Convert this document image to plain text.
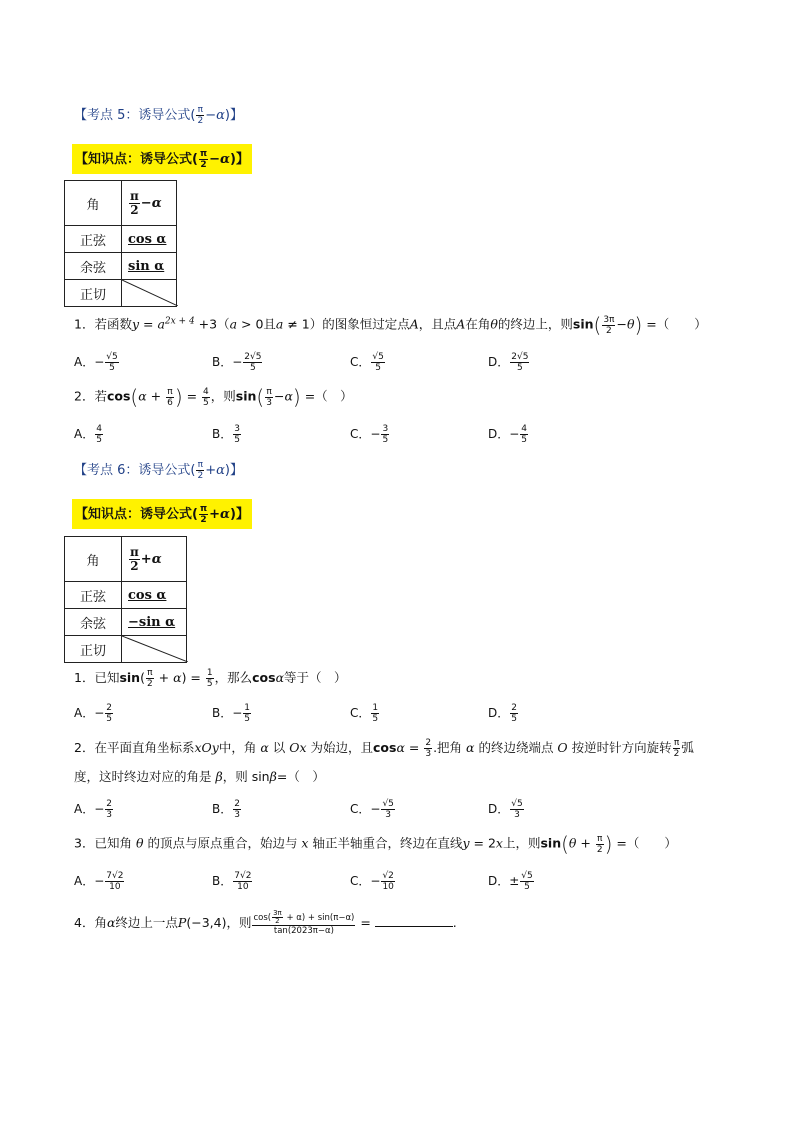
【考点 5：诱导公式( $\frac{\pi}{2} -\alpha$)】
【知识点：诱导公式( $\frac{\pi}{2} -\alpha$)】
角	$\frac{\pi}{2} -\alpha$
正弦	cos α
余弦	sin α
正切	
1．若函数$y = a^{2x + 4} +3(a > 0$且a ≠ 1）的图象恒过定点A，且点A在角θ的终边上，则$\sin( \frac{3\pi}{2} -\theta)$ =（　　）
A．− $\frac{√5}{5}$	B．− $\frac{2√5}{5}$	C． $\frac{√5}{5}$	D． $\frac{2√5}{5}$
2．若$\cos(\alpha + \frac{\pi}{6}$ ) = $\frac{4}{5}$ ，则$\sin( \frac{\pi}{3} -\alpha)$ =（　）
A． $\frac{4}{5}$	B． $\frac{3}{5}$	C．− $\frac{3}{5}$	D．− $\frac{4}{5}$
【考点 6：诱导公式( $\frac{\pi}{2} +\alpha$)】
【知识点：诱导公式( $\frac{\pi}{2} +\alpha$)】
角	$\frac{\pi}{2} +\alpha$
正弦	cos α
余弦	−sin α
正切	
1．已知$\sin( \frac{\pi}{2} + \alpha) = \frac{1}{5}$ ，那么cosα等于（　）
A．− $\frac{2}{5}$	B．− $\frac{1}{5}$	C． $\frac{1}{5}$	D． $\frac{2}{5}$
2．在平面直角坐标系xOy中，角 α 以 Ox 为始边，且$\cos\alpha = \frac{2}{3}$ .把角 α 的终边绕端点 O 按逆时针方向旋转 $\frac{\pi}{2}$ 弧
度，这时终边对应的角是 β，则 sinβ=（　）
A．− $\frac{2}{3}$	B． $\frac{2}{3}$	C．− $\frac{√5}{3}$	D． $\frac{√5}{3}$
3．已知角 θ 的顶点与原点重合，始边与 x 轴正半轴重合，终边在直线y = 2x上，则$\sin(\theta + \frac{\pi}{2}$ ) =（　　）
A．− $\frac{7√2}{10}$	B． $\frac{7√2}{10}$	C．− $\frac{√2}{10}$	D．± $\frac{√5}{5}$
4．角α终边上一点P(−3,4)，则 $\frac{\cos( \frac{3\pi}{2} + \alpha) + \sin(\pi-\alpha)}{\tan(2023\pi-\alpha)}$ =	.
